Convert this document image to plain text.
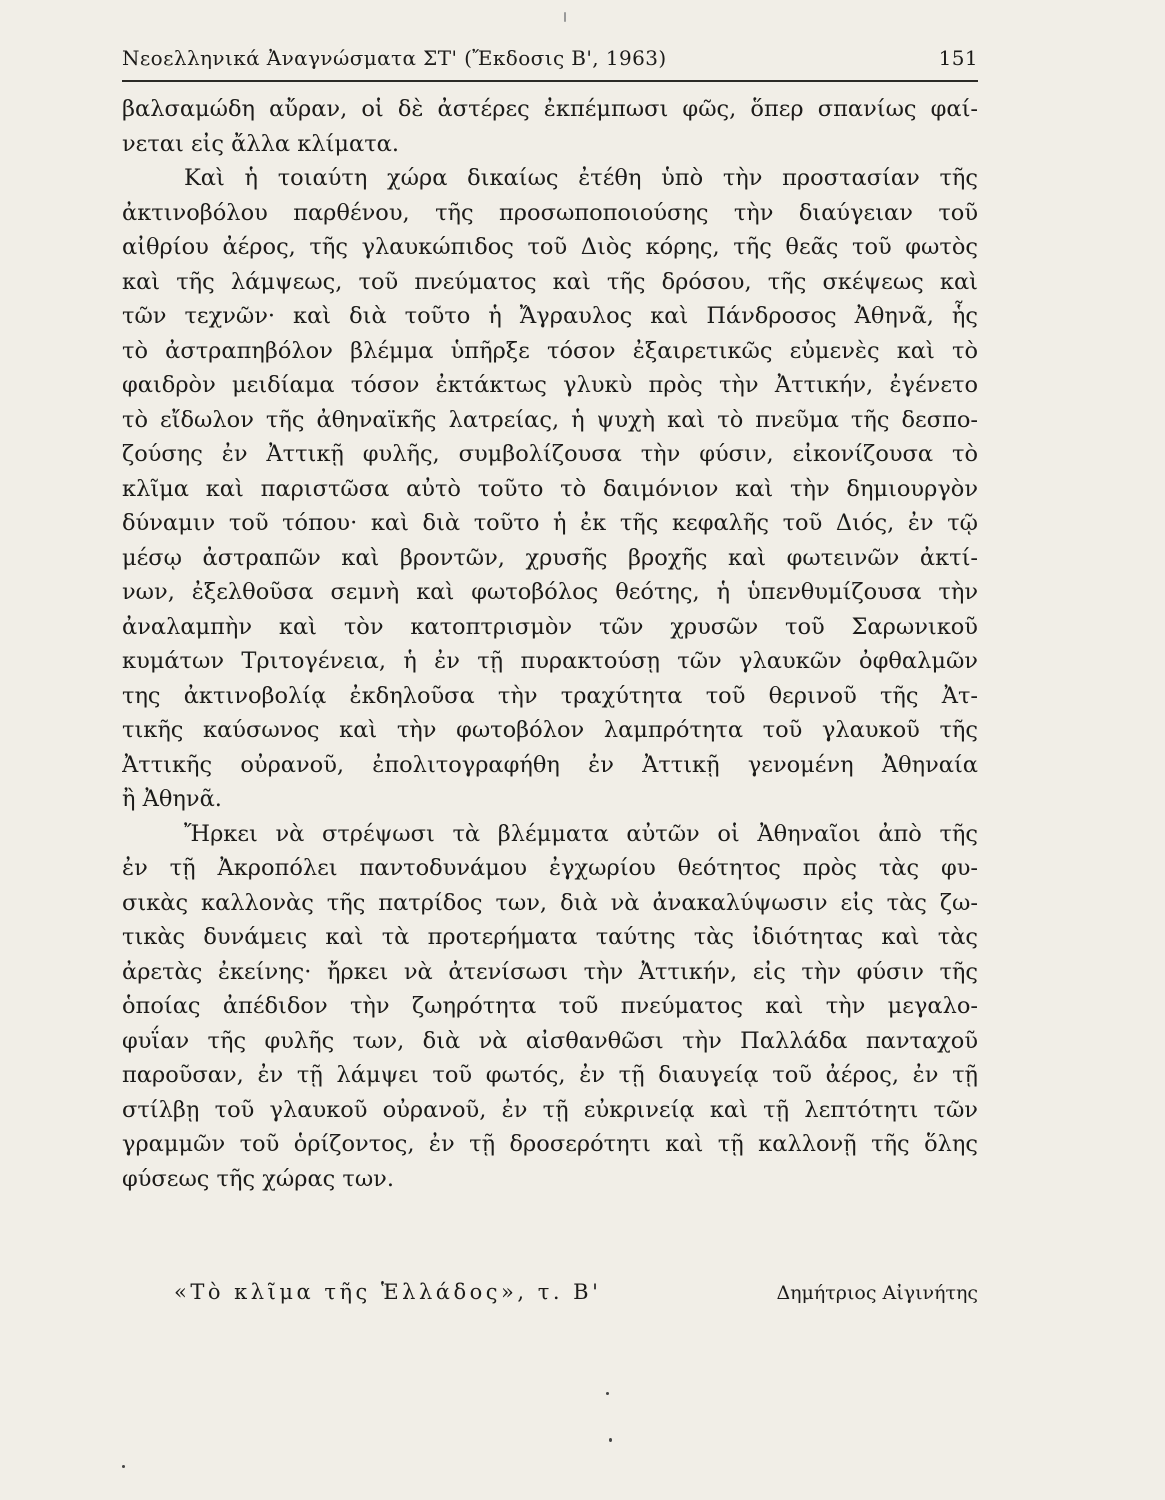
Νεοελληνικά Ἀναγνώσματα ΣΤ' (Ἔκδοσις Β', 1963)	151
βαλσαμώδη αὔραν, οἱ δὲ ἀστέρες ἐκπέμπωσι φῶς, ὅπερ σπανίως φαί-
νεται εἰς ἄλλα κλίματα.
Καὶ ἡ τοιαύτη χώρα δικαίως ἐτέθη ὑπὸ τὴν προστασίαν τῆς
ἀκτινοβόλου παρθένου, τῆς προσωποποιούσης τὴν διαύγειαν τοῦ
αἰθρίου ἀέρος, τῆς γλαυκώπιδος τοῦ Διὸς κόρης, τῆς θεᾶς τοῦ φωτὸς
καὶ τῆς λάμψεως, τοῦ πνεύματος καὶ τῆς δρόσου, τῆς σκέψεως καὶ
τῶν τεχνῶν· καὶ διὰ τοῦτο ἡ Ἄγραυλος καὶ Πάνδροσος Ἀθηνᾶ, ἧς
τὸ ἀστραπηβόλον βλέμμα ὑπῆρξε τόσον ἐξαιρετικῶς εὐμενὲς καὶ τὸ
φαιδρὸν μειδίαμα τόσον ἐκτάκτως γλυκὺ πρὸς τὴν Ἀττικήν, ἐγένετο
τὸ εἴδωλον τῆς ἀθηναϊκῆς λατρείας, ἡ ψυχὴ καὶ τὸ πνεῦμα τῆς δεσπο-
ζούσης ἐν Ἀττικῇ φυλῆς, συμβολίζουσα τὴν φύσιν, εἰκονίζουσα τὸ
κλῖμα καὶ παριστῶσα αὐτὸ τοῦτο τὸ δαιμόνιον καὶ τὴν δημιουργὸν
δύναμιν τοῦ τόπου· καὶ διὰ τοῦτο ἡ ἐκ τῆς κεφαλῆς τοῦ Διός, ἐν τῷ
μέσῳ ἀστραπῶν καὶ βροντῶν, χρυσῆς βροχῆς καὶ φωτεινῶν ἀκτί-
νων, ἐξελθοῦσα σεμνὴ καὶ φωτοβόλος θεότης, ἡ ὑπενθυμίζουσα τὴν
ἀναλαμπὴν καὶ τὸν κατοπτρισμὸν τῶν χρυσῶν τοῦ Σαρωνικοῦ
κυμάτων Τριτογένεια, ἡ ἐν τῇ πυρακτούσῃ τῶν γλαυκῶν ὀφθαλμῶν
της ἀκτινοβολίᾳ ἐκδηλοῦσα τὴν τραχύτητα τοῦ θερινοῦ τῆς Ἀτ-
τικῆς καύσωνος καὶ τὴν φωτοβόλον λαμπρότητα τοῦ γλαυκοῦ τῆς
Ἀττικῆς οὐρανοῦ, ἐπολιτογραφήθη ἐν Ἀττικῇ γενομένη Ἀθηναία
ἢ Ἀθηνᾶ.
Ἤρκει νὰ στρέψωσι τὰ βλέμματα αὐτῶν οἱ Ἀθηναῖοι ἀπὸ τῆς
ἐν τῇ Ἀκροπόλει παντοδυνάμου ἐγχωρίου θεότητος πρὸς τὰς φυ-
σικὰς καλλονὰς τῆς πατρίδος των, διὰ νὰ ἀνακαλύψωσιν εἰς τὰς ζω-
τικὰς δυνάμεις καὶ τὰ προτερήματα ταύτης τὰς ἰδιότητας καὶ τὰς
ἀρετὰς ἐκείνης· ἤρκει νὰ ἀτενίσωσι τὴν Ἀττικήν, εἰς τὴν φύσιν τῆς
ὁποίας ἀπέδιδον τὴν ζωηρότητα τοῦ πνεύματος καὶ τὴν μεγαλο-
φυΐαν τῆς φυλῆς των, διὰ νὰ αἰσθανθῶσι τὴν Παλλάδα πανταχοῦ
παροῦσαν, ἐν τῇ λάμψει τοῦ φωτός, ἐν τῇ διαυγείᾳ τοῦ ἀέρος, ἐν τῇ
στίλβῃ τοῦ γλαυκοῦ οὐρανοῦ, ἐν τῇ εὐκρινείᾳ καὶ τῇ λεπτότητι τῶν
γραμμῶν τοῦ ὁρίζοντος, ἐν τῇ δροσερότητι καὶ τῇ καλλονῇ τῆς ὅλης
φύσεως τῆς χώρας των.
«Τὸ κλῖμα τῆς Ἑλλάδος», τ. Β'	Δημήτριος Αἰγινήτης
